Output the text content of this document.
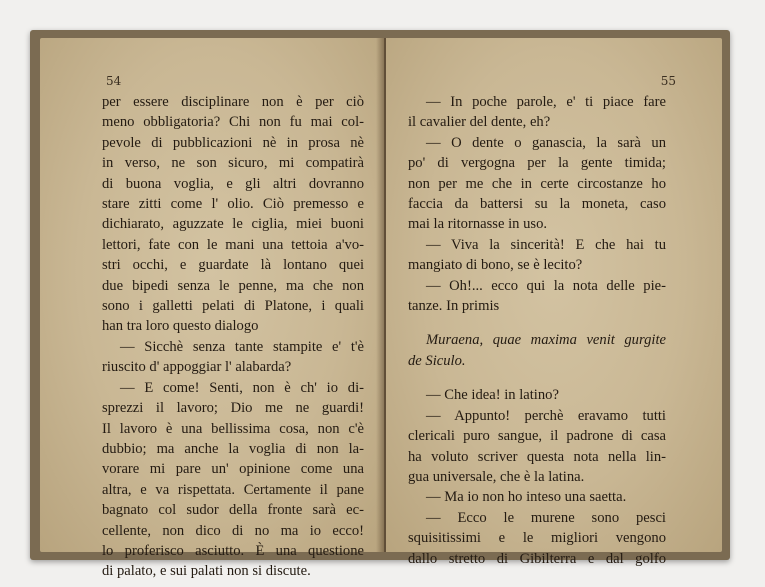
54
per essere disciplinare non è per ciò
meno obbligatoria? Chi non fu mai col-
pevole di pubblicazioni nè in prosa nè
in verso, ne son sicuro, mi compatirà
di buona voglia, e gli altri dovranno
stare zitti come l' olio. Ciò premesso e
dichiarato, aguzzate le ciglia, miei buoni
lettori, fate con le mani una tettoia a'vo-
stri occhi, e guardate là lontano quei
due bipedi senza le penne, ma che non
sono i galletti pelati di Platone, i quali
han tra loro questo dialogo
— Sicchè senza tante stampite e' t'è
riuscito d' appoggiar l' alabarda?
— E come! Senti, non è ch' io di-
sprezzi il lavoro; Dio me ne guardi!
Il lavoro è una bellissima cosa, non c'è
dubbio; ma anche la voglia di non la-
vorare mi pare un' opinione come una
altra, e va rispettata. Certamente il pane
bagnato col sudor della fronte sarà ec-
cellente, non dico di no ma io ecco!
lo proferisco asciutto. È una questione
di palato, e sui palati non si discute.
55
— In poche parole, e' ti piace fare
il cavalier del dente, eh?
— O dente o ganascia, la sarà un
po' di vergogna per la gente timida;
non per me che in certe circostanze ho
faccia da battersi su la moneta, caso
mai la ritornasse in uso.
— Viva la sincerità! E che hai tu
mangiato di bono, se è lecito?
— Oh!... ecco qui la nota delle pie-
tanze. In primis
Muraena, quae maxima venit gurgite
de Siculo.
— Che idea! in latino?
— Appunto! perchè eravamo tutti
clericali puro sangue, il padrone di casa
ha voluto scriver questa nota nella lin-
gua universale, che è la latina.
— Ma io non ho inteso una saetta.
— Ecco le murene sono pesci
squisitissimi e le migliori vengono
dallo stretto di Gibilterra e dal golfo
